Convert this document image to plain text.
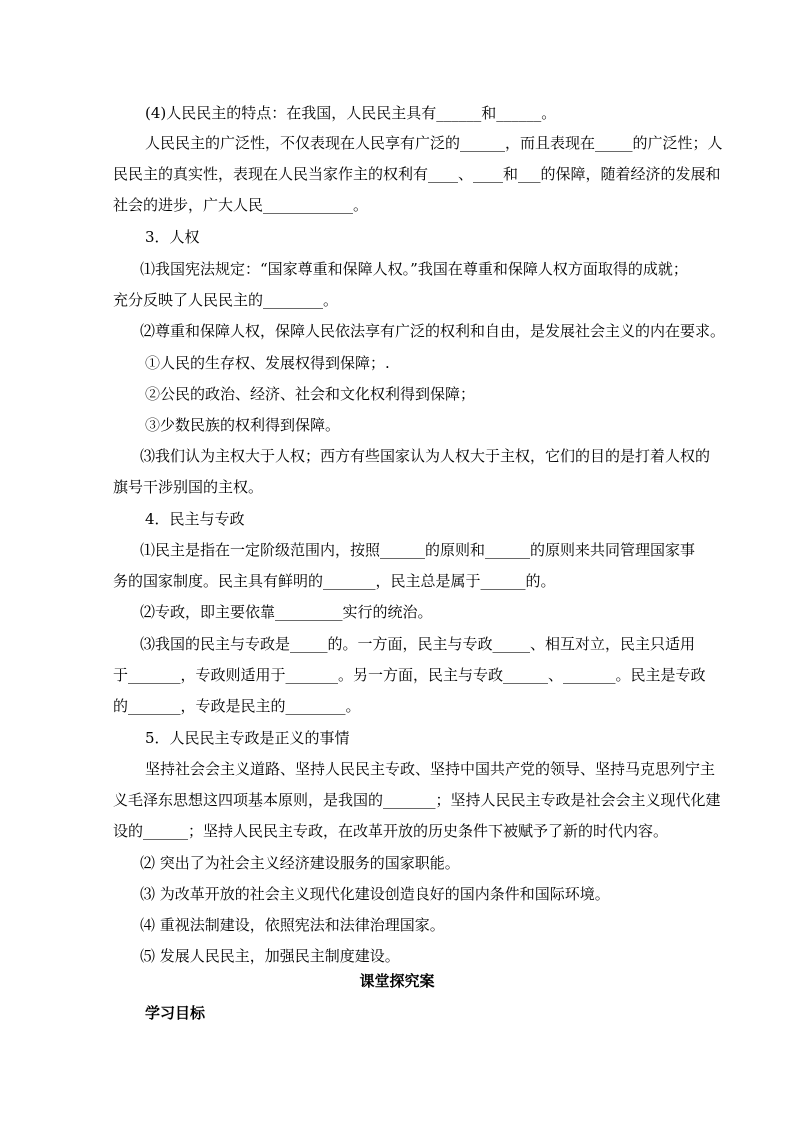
(4)人民民主的特点：在我国，人民民主具有______和______。
人民民主的广泛性，不仅表现在人民享有广泛的______，而且表现在_____的广泛性；人
民民主的真实性，表现在人民当家作主的权利有____、____和___的保障，随着经济的发展和
社会的进步，广大人民____________。
3．人权
⑴我国宪法规定：“国家尊重和保障人权。”我国在尊重和保障人权方面取得的成就；
充分反映了人民民主的________。
⑵尊重和保障人权，保障人民依法享有广泛的权利和自由，是发展社会主义的内在要求。
①人民的生存权、发展权得到保障；.
②公民的政治、经济、社会和文化权利得到保障；
③少数民族的权利得到保障。
⑶我们认为主权大于人权；西方有些国家认为人权大于主权，它们的目的是打着人权的
旗号干涉别国的主权。
4．民主与专政
⑴民主是指在一定阶级范围内，按照______的原则和______的原则来共同管理国家事
务的国家制度。民主具有鲜明的_______，民主总是属于______的。
⑵专政，即主要依靠_________实行的统治。
⑶我国的民主与专政是_____的。一方面，民主与专政_____、相互对立，民主只适用
于_______，专政则适用于_______。另一方面，民主与专政______、_______。民主是专政
的_______，专政是民主的________。
5．人民民主专政是正义的事情
坚持社会会主义道路、坚持人民民主专政、坚持中国共产党的领导、坚持马克思列宁主
义毛泽东思想这四项基本原则，是我国的_______；坚持人民民主专政是社会会主义现代化建
设的______；坚持人民民主专政，在改革开放的历史条件下被赋予了新的时代内容。
⑵ 突出了为社会主义经济建设服务的国家职能。
⑶ 为改革开放的社会主义现代化建设创造良好的国内条件和国际环境。
⑷ 重视法制建设，依照宪法和法律治理国家。
⑸ 发展人民民主，加强民主制度建设。
课堂探究案
学习目标
